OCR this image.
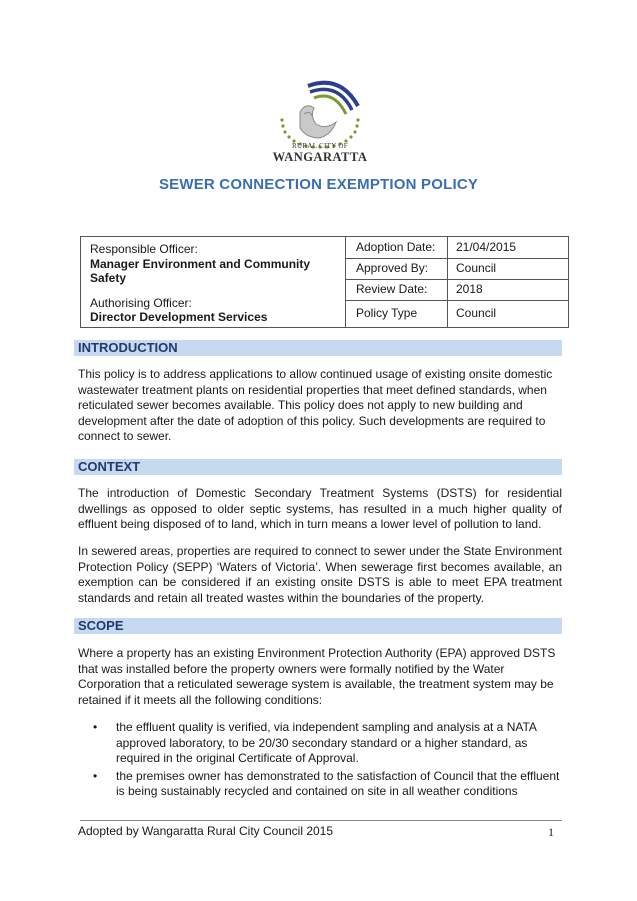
RURAL CITY OF
WANGARATTA
SEWER CONNECTION EXEMPTION POLICY
Responsible Officer:
Manager Environment and Community Safety
Authorising Officer:
Director Development Services
Adoption Date:	21/04/2015
Approved By:	Council
Review Date:	2018
Policy Type	Council
INTRODUCTION
This policy is to address applications to allow continued usage of existing onsite domestic wastewater treatment plants on residential properties that meet defined standards, when reticulated sewer becomes available. This policy does not apply to new building and development after the date of adoption of this policy. Such developments are required to connect to sewer.
CONTEXT
The introduction of Domestic Secondary Treatment Systems (DSTS) for residential dwellings as opposed to older septic systems, has resulted in a much higher quality of effluent being disposed of to land, which in turn means a lower level of pollution to land.
In sewered areas, properties are required to connect to sewer under the State Environment Protection Policy (SEPP) ‘Waters of Victoria’. When sewerage first becomes available, an exemption can be considered if an existing onsite DSTS is able to meet EPA treatment standards and retain all treated wastes within the boundaries of the property.
SCOPE
Where a property has an existing Environment Protection Authority (EPA) approved DSTS that was installed before the property owners were formally notified by the Water Corporation that a reticulated sewerage system is available, the treatment system may be retained if it meets all the following conditions:
• the effluent quality is verified, via independent sampling and analysis at a NATA approved laboratory, to be 20/30 secondary standard or a higher standard, as required in the original Certificate of Approval.
• the premises owner has demonstrated to the satisfaction of Council that the effluent is being sustainably recycled and contained on site in all weather conditions
Adopted by Wangaratta Rural City Council 2015	1
